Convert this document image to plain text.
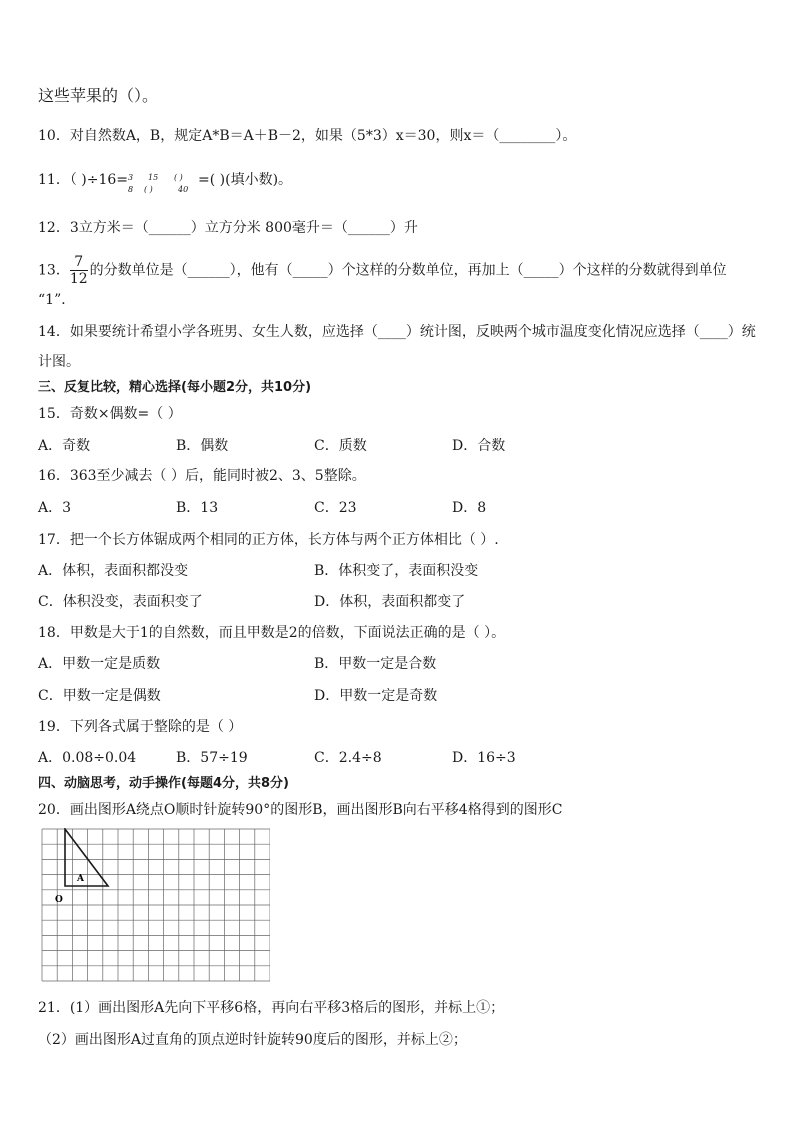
这些苹果的（）。
10．对自然数A，B，规定A*B＝A＋B－2，如果（5*3）x＝30，则x＝（________）。
11．（ )÷16= 3
8
15
( )
( )
40
=( )(填小数)。
12．3立方米＝（______）立方分米 800毫升＝（______）升
13． $\frac{7}{12}$ 的分数单位是（______），他有（_____）个这样的分数单位，再加上（_____）个这样的分数就得到单位
“1”．
14．如果要统计希望小学各班男、女生人数，应选择（____）统计图，反映两个城市温度变化情况应选择（____）统
计图。
三、反复比较，精心选择(每小题2分，共10分)
15．奇数×偶数=（ ）
A．奇数	B．偶数	C．质数	D．合数
16．363至少减去（ ）后，能同时被2、3、5整除。
A．3	B．13	C．23	D．8
17．把一个长方体锯成两个相同的正方体，长方体与两个正方体相比（ ）.
A．体积，表面积都没变	B．体积变了，表面积没变
C．体积没变，表面积变了	D．体积，表面积都变了
18．甲数是大于1的自然数，而且甲数是2的倍数，下面说法正确的是（ ）。
A．甲数一定是质数	B．甲数一定是合数
C．甲数一定是偶数	D．甲数一定是奇数
19．下列各式属于整除的是（ ）
A．0.08÷0.04	B．57÷19	C．2.4÷8	D．16÷3
四、动脑思考，动手操作(每题4分，共8分)
20．画出图形A绕点O顺时针旋转90°的图形B，画出图形B向右平移4格得到的图形C
A
O
21．(1）画出图形A先向下平移6格，再向右平移3格后的图形，并标上①；
（2）画出图形A过直角的顶点逆时针旋转90度后的图形，并标上②；
